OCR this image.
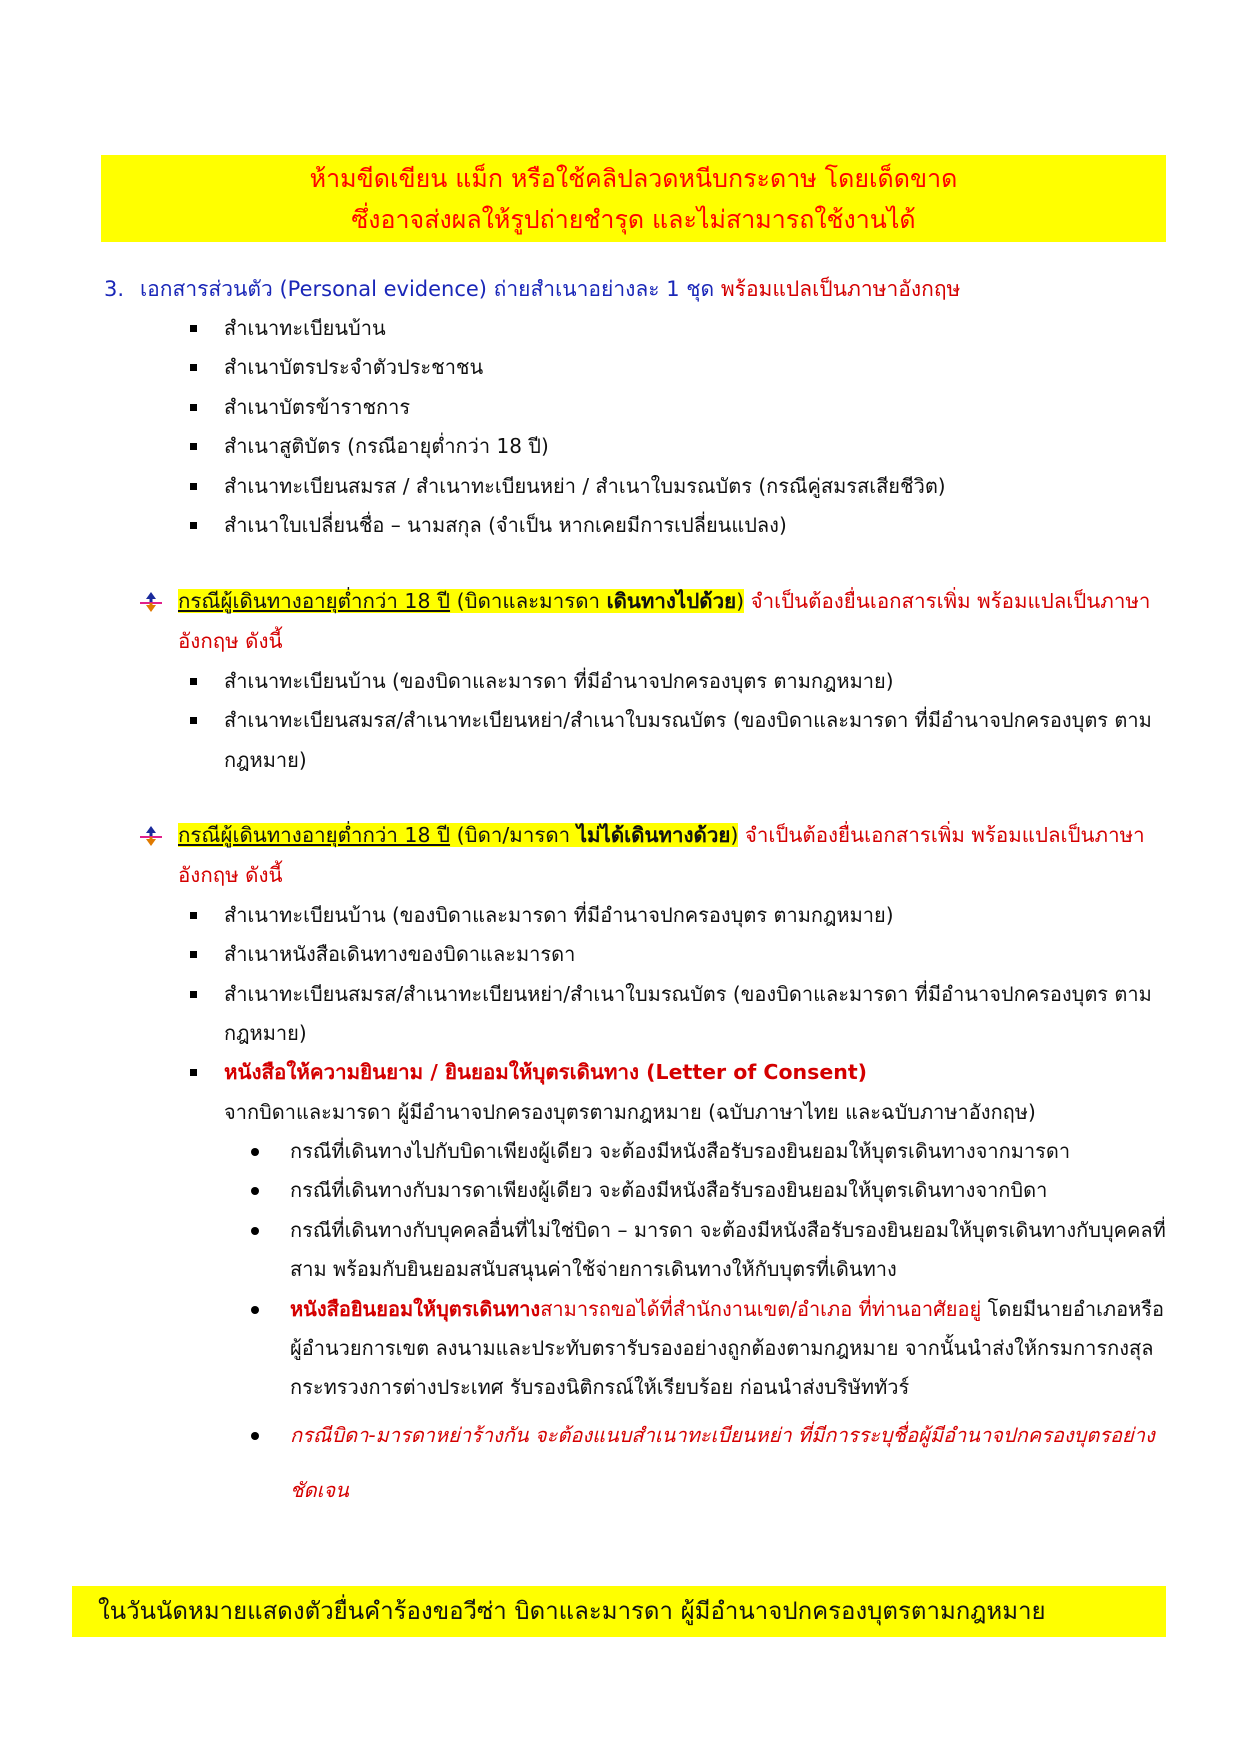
ห้ามขีดเขียน แม็ก หรือใช้คลิปลวดหนีบกระดาษ โดยเด็ดขาด
ซึ่งอาจส่งผลให้รูปถ่ายชำรุด และไม่สามารถใช้งานได้
3. เอกสารส่วนตัว (Personal evidence) ถ่ายสำเนาอย่างละ 1 ชุด พร้อมแปลเป็นภาษาอังกฤษ
สำเนาทะเบียนบ้าน
สำเนาบัตรประจำตัวประชาชน
สำเนาบัตรข้าราชการ
สำเนาสูติบัตร (กรณีอายุต่ำกว่า 18 ปี)
สำเนาทะเบียนสมรส / สำเนาทะเบียนหย่า / สำเนาใบมรณบัตร (กรณีคู่สมรสเสียชีวิต)
สำเนาใบเปลี่ยนชื่อ – นามสกุล (จำเป็น หากเคยมีการเปลี่ยนแปลง)
กรณีผู้เดินทางอายุต่ำกว่า 18 ปี (บิดาและมารดา เดินทางไปด้วย) จำเป็นต้องยื่นเอกสารเพิ่ม พร้อมแปลเป็นภาษาอังกฤษ ดังนี้
สำเนาทะเบียนบ้าน (ของบิดาและมารดา ที่มีอำนาจปกครองบุตร ตามกฎหมาย)
สำเนาทะเบียนสมรส/สำเนาทะเบียนหย่า/สำเนาใบมรณบัตร (ของบิดาและมารดา ที่มีอำนาจปกครองบุตร ตามกฎหมาย)
กรณีผู้เดินทางอายุต่ำกว่า 18 ปี (บิดา/มารดา ไม่ได้เดินทางด้วย) จำเป็นต้องยื่นเอกสารเพิ่ม พร้อมแปลเป็นภาษาอังกฤษ ดังนี้
สำเนาทะเบียนบ้าน (ของบิดาและมารดา ที่มีอำนาจปกครองบุตร ตามกฎหมาย)
สำเนาหนังสือเดินทางของบิดาและมารดา
สำเนาทะเบียนสมรส/สำเนาทะเบียนหย่า/สำเนาใบมรณบัตร (ของบิดาและมารดา ที่มีอำนาจปกครองบุตร ตามกฎหมาย)
หนังสือให้ความยินยาม / ยินยอมให้บุตรเดินทาง (Letter of Consent)
จากบิดาและมารดา ผู้มีอำนาจปกครองบุตรตามกฎหมาย (ฉบับภาษาไทย และฉบับภาษาอังกฤษ)
กรณีที่เดินทางไปกับบิดาเพียงผู้เดียว จะต้องมีหนังสือรับรองยินยอมให้บุตรเดินทางจากมารดา
กรณีที่เดินทางกับมารดาเพียงผู้เดียว จะต้องมีหนังสือรับรองยินยอมให้บุตรเดินทางจากบิดา
กรณีที่เดินทางกับบุคคลอื่นที่ไม่ใช่บิดา – มารดา จะต้องมีหนังสือรับรองยินยอมให้บุตรเดินทางกับบุคคลที่สาม พร้อมกับยินยอมสนับสนุนค่าใช้จ่ายการเดินทางให้กับบุตรที่เดินทาง
หนังสือยินยอมให้บุตรเดินทางสามารถขอได้ที่สำนักงานเขต/อำเภอ ที่ท่านอาศัยอยู่ โดยมีนายอำเภอหรือผู้อำนวยการเขต ลงนามและประทับตรารับรองอย่างถูกต้องตามกฎหมาย จากนั้นนำส่งให้กรมการกงสุล กระทรวงการต่างประเทศ รับรองนิติกรณ์ให้เรียบร้อย ก่อนนำส่งบริษัททัวร์
กรณีบิดา-มารดาหย่าร้างกัน จะต้องแนบสำเนาทะเบียนหย่า ที่มีการระบุชื่อผู้มีอำนาจปกครองบุตรอย่างชัดเจน
ในวันนัดหมายแสดงตัวยื่นคำร้องขอวีซ่า บิดาและมารดา ผู้มีอำนาจปกครองบุตรตามกฎหมาย
